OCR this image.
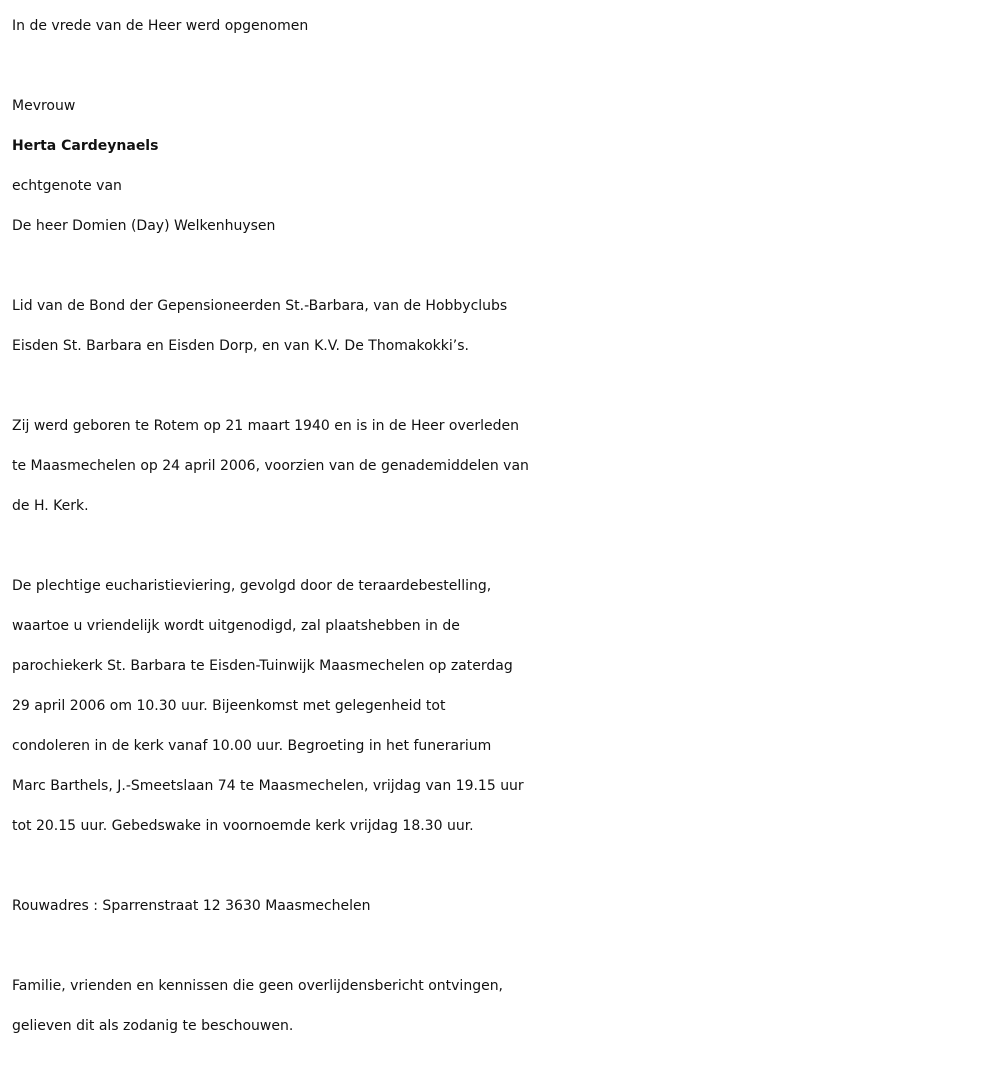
In de vrede van de Heer werd opgenomen

Mevrouw

Herta Cardeynaels

echtgenote van

De heer Domien (Day) Welkenhuysen

Lid van de Bond der Gepensioneerden St.-Barbara, van de Hobbyclubs

Eisden St. Barbara en Eisden Dorp, en van K.V. De Thomakokki’s.

Zij werd geboren te Rotem op 21 maart 1940 en is in de Heer overleden

te Maasmechelen op 24 april 2006, voorzien van de genademiddelen van

de H. Kerk.

De plechtige eucharistieviering, gevolgd door de teraardebestelling,

waartoe u vriendelijk wordt uitgenodigd, zal plaatshebben in de

parochiekerk St. Barbara te Eisden-Tuinwijk Maasmechelen op zaterdag

29 april 2006 om 10.30 uur. Bijeenkomst met gelegenheid tot

condoleren in de kerk vanaf 10.00 uur. Begroeting in het funerarium

Marc Barthels, J.-Smeetslaan 74 te Maasmechelen, vrijdag van 19.15 uur

tot 20.15 uur. Gebedswake in voornoemde kerk vrijdag 18.30 uur.

Rouwadres : Sparrenstraat 12 3630 Maasmechelen

Familie, vrienden en kennissen die geen overlijdensbericht ontvingen,

gelieven dit als zodanig te beschouwen.
